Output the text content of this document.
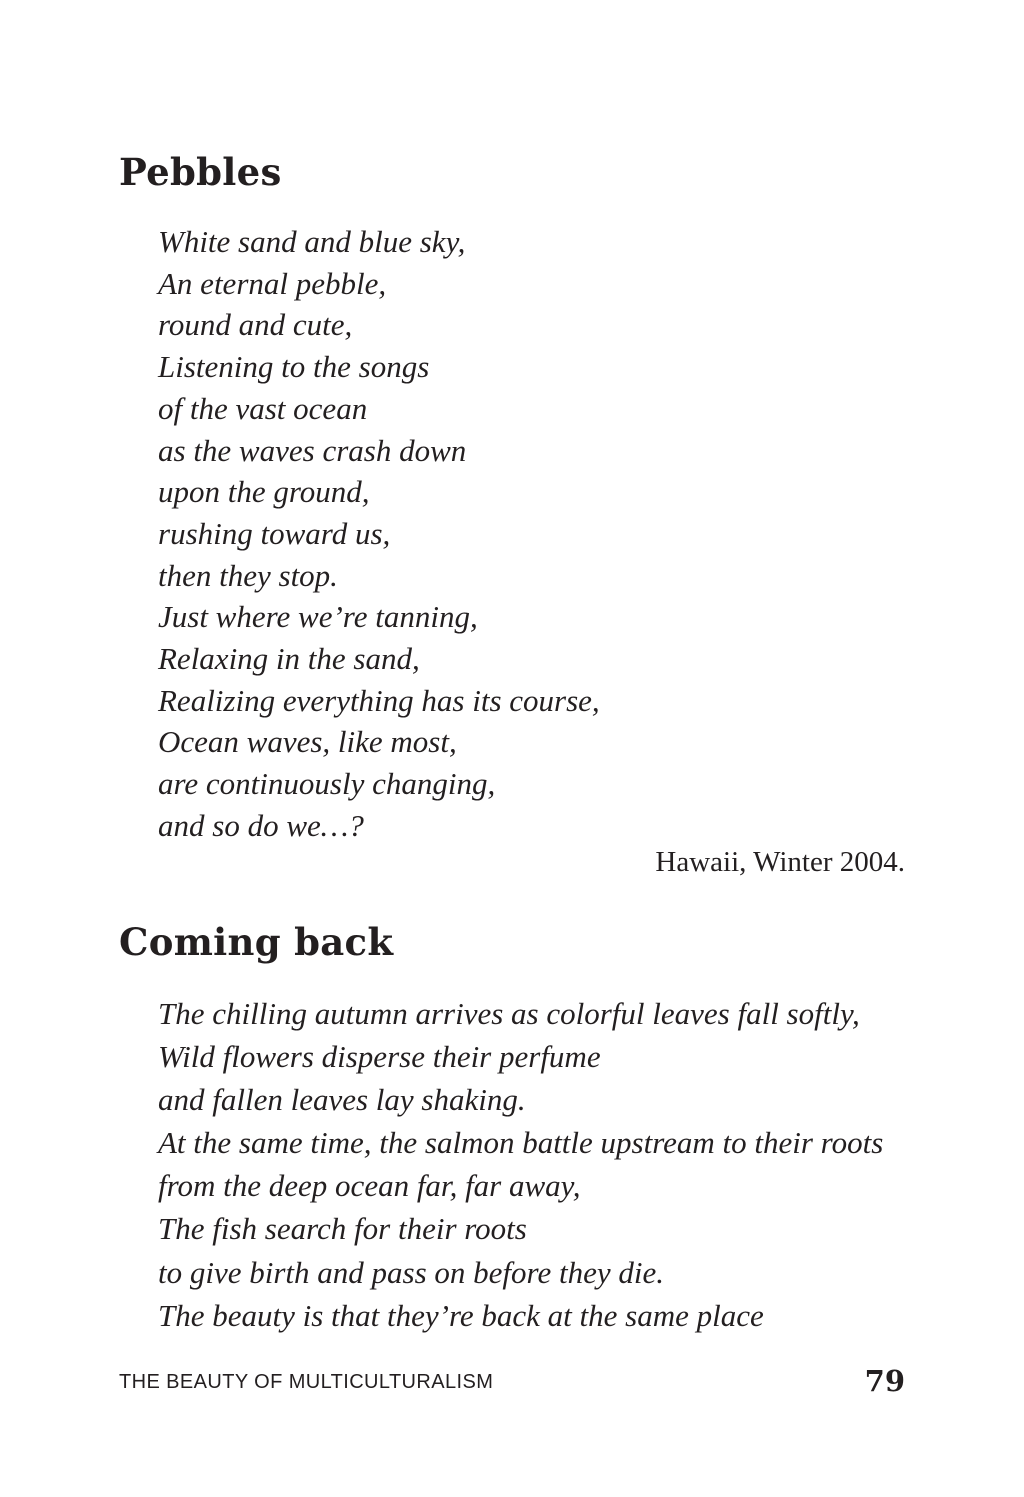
Pebbles
White sand and blue sky,
An eternal pebble,
round and cute,
Listening to the songs
of the vast ocean
as the waves crash down
upon the ground,
rushing toward us,
then they stop.
Just where we’re tanning,
Relaxing in the sand,
Realizing everything has its course,
Ocean waves, like most,
are continuously changing,
and so do we…?

Hawaii, Winter 2004.

Coming back
The chilling autumn arrives as colorful leaves fall softly,
Wild flowers disperse their perfume
and fallen leaves lay shaking.
At the same time, the salmon battle upstream to their roots
from the deep ocean far, far away,
The fish search for their roots
to give birth and pass on before they die.
The beauty is that they’re back at the same place

THE BEAUTY OF MULTICULTURALISM	79
